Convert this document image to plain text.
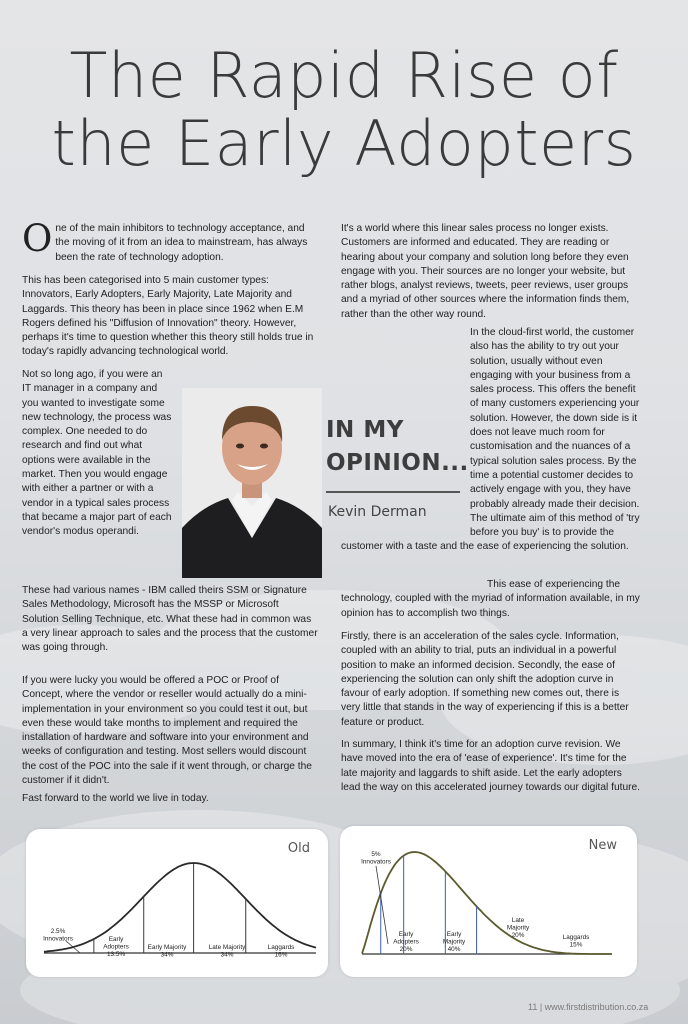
The Rapid Rise of
the Early Adopters

One of the main inhibitors to technology acceptance, and the moving of it from an idea to mainstream, has always been the rate of technology adoption.

This has been categorised into 5 main customer types: Innovators, Early Adopters, Early Majority, Late Majority and Laggards. This theory has been in place since 1962 when E.M Rogers defined his "Diffusion of Innovation" theory. However, perhaps it's time to question whether this theory still holds true in today's rapidly advancing technological world.

Not so long ago, if you were an IT manager in a company and you wanted to investigate some new technology, the process was complex. One needed to do research and find out what options were available in the market. Then you would engage with either a partner or with a vendor in a typical sales process that became a major part of each vendor's modus operandi.

These had various names - IBM called theirs SSM or Signature Sales Methodology, Microsoft has the MSSP or Microsoft Solution Selling Technique, etc. What these had in common was a very linear approach to sales and the process that the customer was going through.

If you were lucky you would be offered a POC or Proof of Concept, where the vendor or reseller would actually do a mini-implementation in your environment so you could test it out, but even these would take months to implement and required the installation of hardware and software into your environment and weeks of configuration and testing. Most sellers would discount the cost of the POC into the sale if it went through, or charge the customer if it didn't.

Fast forward to the world we live in today.

IN MY
OPINION...
Kevin Derman

It's a world where this linear sales process no longer exists. Customers are informed and educated. They are reading or hearing about your company and solution long before they even engage with you. Their sources are no longer your website, but rather blogs, analyst reviews, tweets, peer reviews, user groups and a myriad of other sources where the information finds them, rather than the other way round.

In the cloud-first world, the customer also has the ability to try out your solution, usually without even engaging with your business from a sales process. This offers the benefit of many customers experiencing your solution. However, the down side is it does not leave much room for customisation and the nuances of a typical solution sales process. By the time a potential customer decides to actively engage with you, they have probably already made their decision. The ultimate aim of this method of 'try before you buy' is to provide the customer with a taste and the ease of experiencing the solution.

This ease of experiencing the technology, coupled with the myriad of information available, in my opinion has to accomplish two things.

Firstly, there is an acceleration of the sales cycle. Information, coupled with an ability to trial, puts an individual in a powerful position to make an informed decision. Secondly, the ease of experiencing the solution can only shift the adoption curve in favour of early adoption. If something new comes out, there is very little that stands in the way of experiencing if this is a better feature or product.

In summary, I think it's time for an adoption curve revision. We have moved into the era of 'ease of experience'. It's time for the late majority and laggards to shift aside. Let the early adopters lead the way on this accelerated journey towards our digital future.

2.5% Innovators	Early Adopters 13.5%
Early Majority 34%
Late Majority 34%
Laggards 16%
Old	5% Innovators
Early Adopters 20%
Early Majority 40%
Late Majority 20%	Laggards 15%
New
11 | www.firstdistribution.co.za
